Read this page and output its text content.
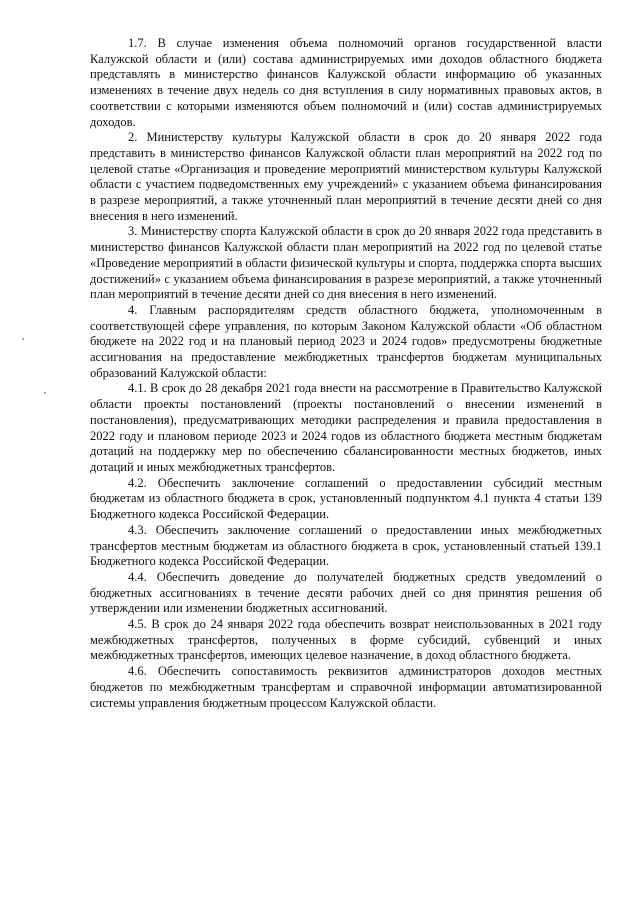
1.7. В случае изменения объема полномочий органов государственной власти Калужской области и (или) состава администрируемых ими доходов областного бюджета представлять в министерство финансов Калужской области информацию об указанных изменениях в течение двух недель со дня вступления в силу нормативных правовых актов, в соответствии с которыми изменяются объем полномочий и (или) состав администрируемых доходов.

2. Министерству культуры Калужской области в срок до 20 января 2022 года представить в министерство финансов Калужской области план мероприятий на 2022 год по целевой статье «Организация и проведение мероприятий министерством культуры Калужской области с участием подведомственных ему учреждений» с указанием объема финансирования в разрезе мероприятий, а также уточненный план мероприятий в течение десяти дней со дня внесения в него изменений.

3. Министерству спорта Калужской области в срок до 20 января 2022 года представить в министерство финансов Калужской области план мероприятий на 2022 год по целевой статье «Проведение мероприятий в области физической культуры и спорта, поддержка спорта высших достижений» с указанием объема финансирования в разрезе мероприятий, а также уточненный план мероприятий в течение десяти дней со дня внесения в него изменений.

4. Главным распорядителям средств областного бюджета, уполномоченным в соответствующей сфере управления, по которым Законом Калужской области «Об областном бюджете на 2022 год и на плановый период 2023 и 2024 годов» предусмотрены бюджетные ассигнования на предоставление межбюджетных трансфертов бюджетам муниципальных образований Калужской области:

4.1. В срок до 28 декабря 2021 года внести на рассмотрение в Правительство Калужской области проекты постановлений (проекты постановлений о внесении изменений в постановления), предусматривающих методики распределения и правила предоставления в 2022 году и плановом периоде 2023 и 2024 годов из областного бюджета местным бюджетам дотаций на поддержку мер по обеспечению сбалансированности местных бюджетов, иных дотаций и иных межбюджетных трансфертов.

4.2. Обеспечить заключение соглашений о предоставлении субсидий местным бюджетам из областного бюджета в срок, установленный подпунктом 4.1 пункта 4 статьи 139 Бюджетного кодекса Российской Федерации.

4.3. Обеспечить заключение соглашений о предоставлении иных межбюджетных трансфертов местным бюджетам из областного бюджета в срок, установленный статьей 139.1 Бюджетного кодекса Российской Федерации.

4.4. Обеспечить доведение до получателей бюджетных средств уведомлений о бюджетных ассигнованиях в течение десяти рабочих дней со дня принятия решения об утверждении или изменении бюджетных ассигнований.

4.5. В срок до 24 января 2022 года обеспечить возврат неиспользованных в 2021 году межбюджетных трансфертов, полученных в форме субсидий, субвенций и иных межбюджетных трансфертов, имеющих целевое назначение, в доход областного бюджета.

4.6. Обеспечить сопоставимость реквизитов администраторов доходов местных бюджетов по межбюджетным трансфертам и справочной информации автоматизированной системы управления бюджетным процессом Калужской области.
